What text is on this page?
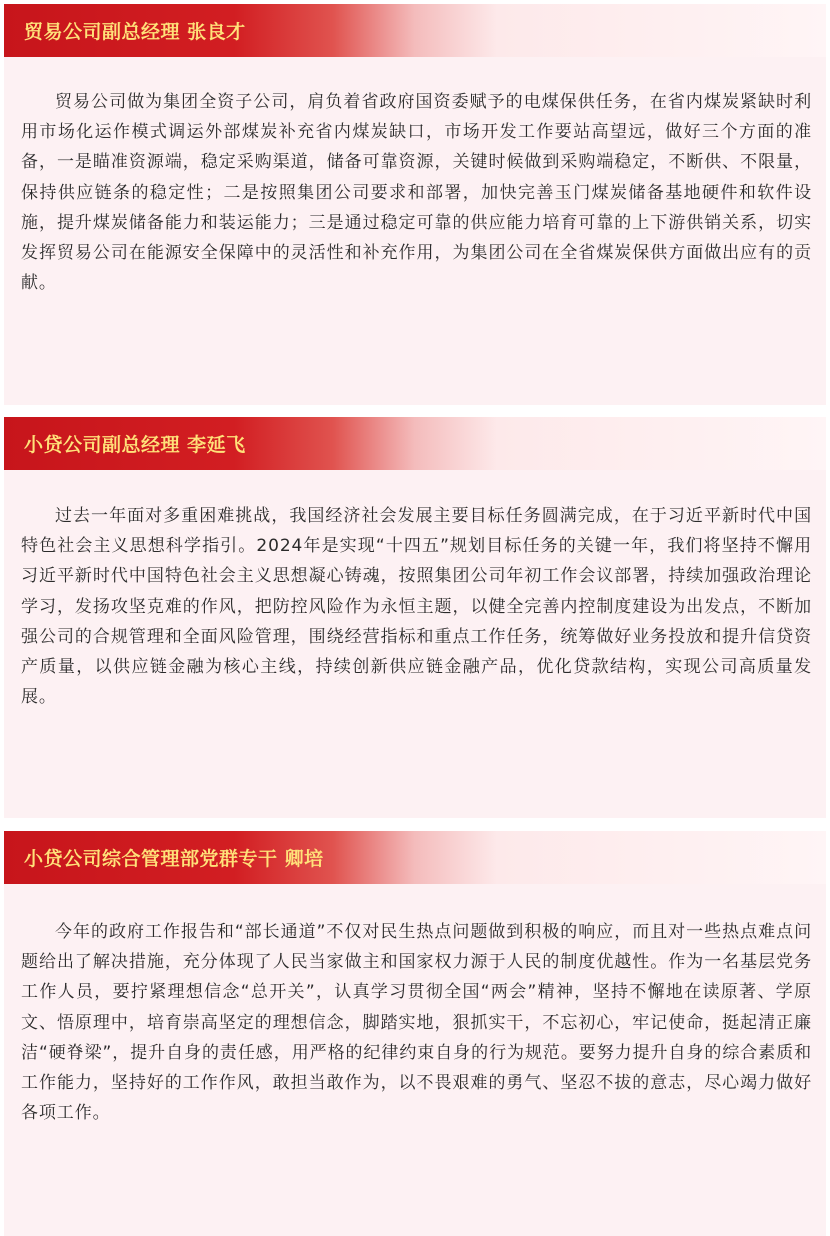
贸易公司副总经理 张良才

贸易公司做为集团全资子公司，肩负着省政府国资委赋予的电煤保供任务，在省内煤炭紧缺时利用市场化运作模式调运外部煤炭补充省内煤炭缺口，市场开发工作要站高望远，做好三个方面的准备，一是瞄准资源端，稳定采购渠道，储备可靠资源，关键时候做到采购端稳定，不断供、不限量，保持供应链条的稳定性；二是按照集团公司要求和部署，加快完善玉门煤炭储备基地硬件和软件设施，提升煤炭储备能力和装运能力；三是通过稳定可靠的供应能力培育可靠的上下游供销关系，切实发挥贸易公司在能源安全保障中的灵活性和补充作用，为集团公司在全省煤炭保供方面做出应有的贡献。

小贷公司副总经理 李延飞

过去一年面对多重困难挑战，我国经济社会发展主要目标任务圆满完成，在于习近平新时代中国特色社会主义思想科学指引。2024年是实现“十四五”规划目标任务的关键一年，我们将坚持不懈用习近平新时代中国特色社会主义思想凝心铸魂，按照集团公司年初工作会议部署，持续加强政治理论学习，发扬攻坚克难的作风，把防控风险作为永恒主题，以健全完善内控制度建设为出发点，不断加强公司的合规管理和全面风险管理，围绕经营指标和重点工作任务，统筹做好业务投放和提升信贷资产质量，以供应链金融为核心主线，持续创新供应链金融产品，优化贷款结构，实现公司高质量发展。

小贷公司综合管理部党群专干 卿培

今年的政府工作报告和“部长通道”不仅对民生热点问题做到积极的响应，而且对一些热点难点问题给出了解决措施，充分体现了人民当家做主和国家权力源于人民的制度优越性。作为一名基层党务工作人员，要拧紧理想信念“总开关”，认真学习贯彻全国“两会”精神，坚持不懈地在读原著、学原文、悟原理中，培育崇高坚定的理想信念，脚踏实地，狠抓实干，不忘初心，牢记使命，挺起清正廉洁“硬脊梁”，提升自身的责任感，用严格的纪律约束自身的行为规范。要努力提升自身的综合素质和工作能力，坚持好的工作作风，敢担当敢作为，以不畏艰难的勇气、坚忍不拔的意志，尽心竭力做好各项工作。
